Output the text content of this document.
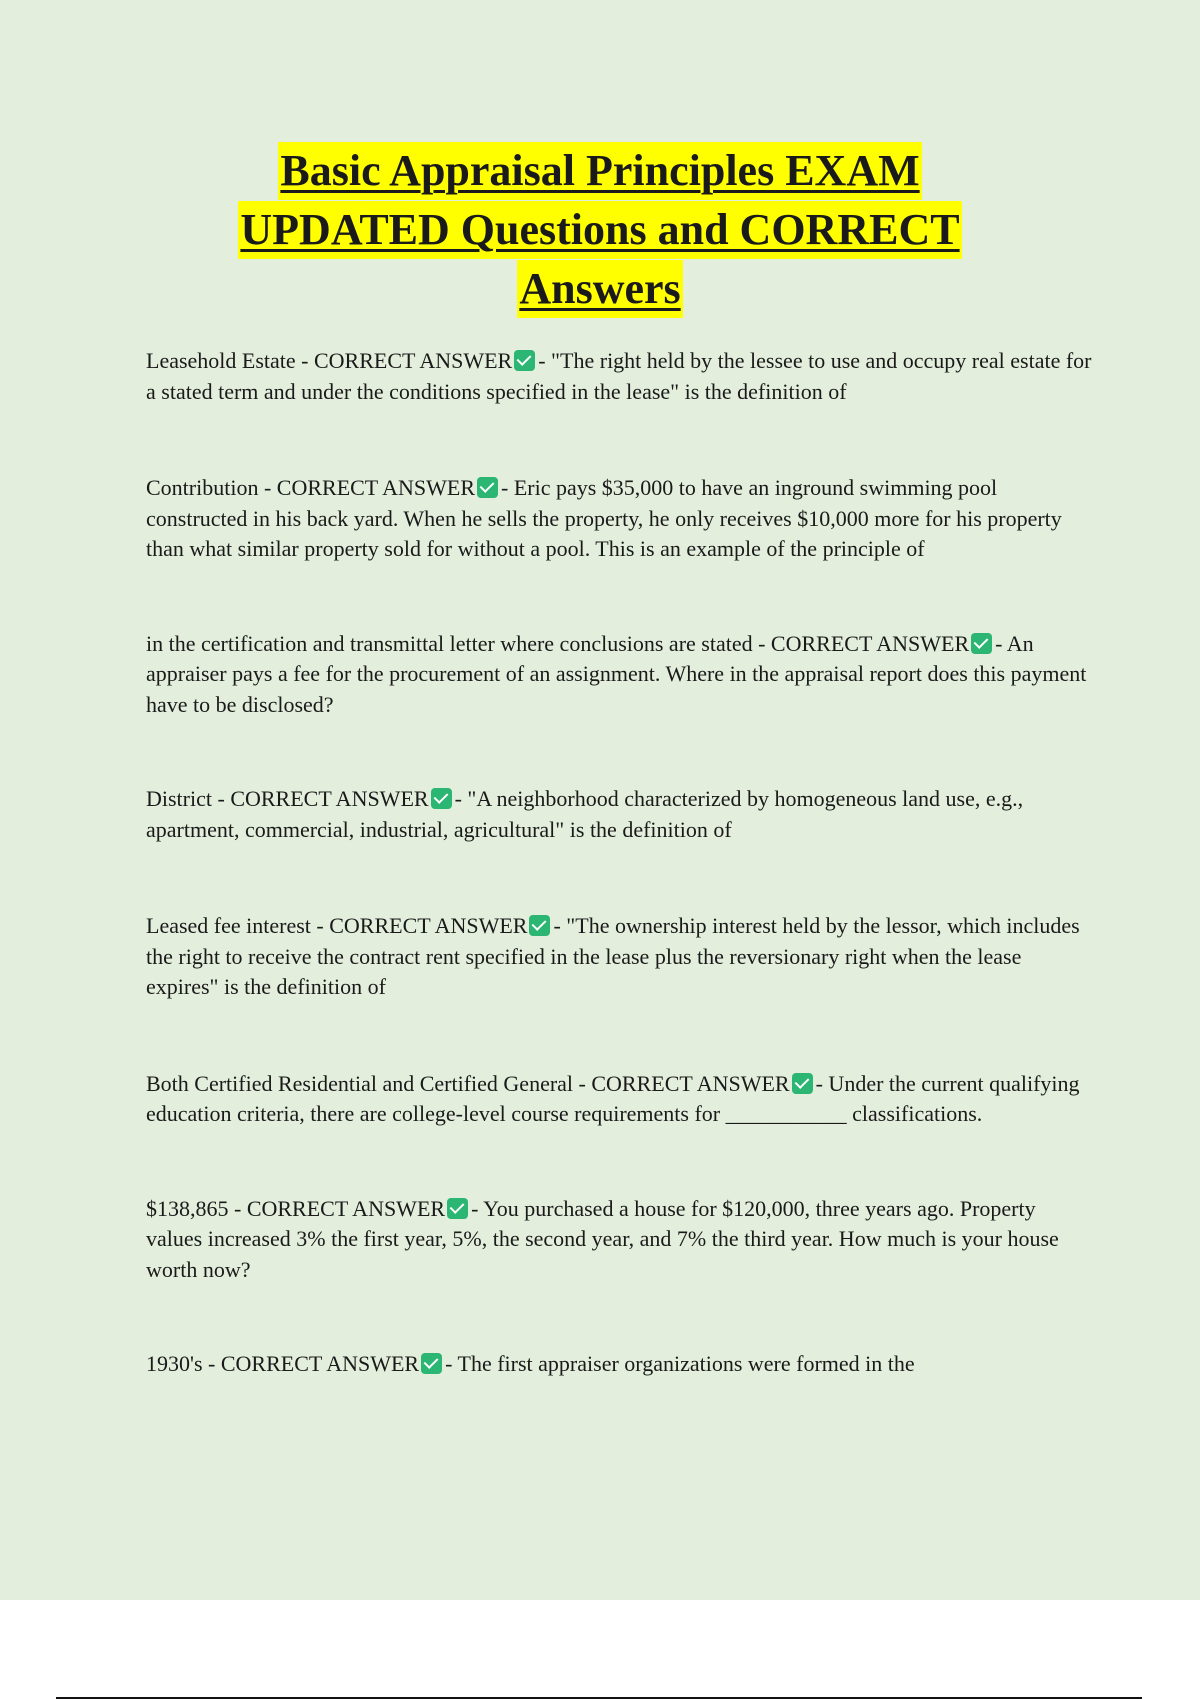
Basic Appraisal Principles EXAM
UPDATED Questions and CORRECT
Answers

Leasehold Estate - CORRECT ANSWER - "The right held by the lessee to use and occupy real estate for a stated term and under the conditions specified in the lease" is the definition of

Contribution - CORRECT ANSWER - Eric pays $35,000 to have an inground swimming pool constructed in his back yard. When he sells the property, he only receives $10,000 more for his property than what similar property sold for without a pool. This is an example of the principle of

in the certification and transmittal letter where conclusions are stated - CORRECT ANSWER - An appraiser pays a fee for the procurement of an assignment. Where in the appraisal report does this payment have to be disclosed?

District - CORRECT ANSWER - "A neighborhood characterized by homogeneous land use, e.g., apartment, commercial, industrial, agricultural" is the definition of

Leased fee interest - CORRECT ANSWER - "The ownership interest held by the lessor, which includes the right to receive the contract rent specified in the lease plus the reversionary right when the lease expires" is the definition of

Both Certified Residential and Certified General - CORRECT ANSWER - Under the current qualifying education criteria, there are college-level course requirements for ___________ classifications.

$138,865 - CORRECT ANSWER - You purchased a house for $120,000, three years ago. Property values increased 3% the first year, 5%, the second year, and 7% the third year. How much is your house worth now?

1930's - CORRECT ANSWER - The first appraiser organizations were formed in the
